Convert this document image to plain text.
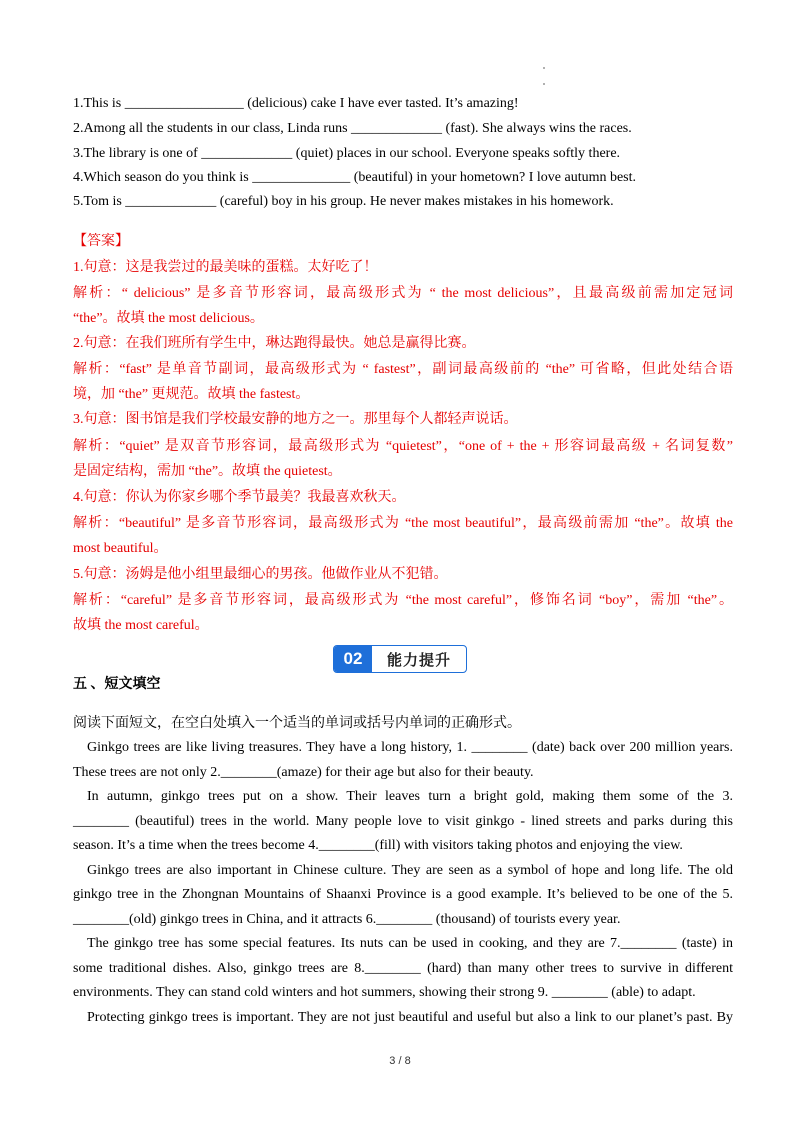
1.This is _________________ (delicious) cake I have ever tasted. It’s amazing!
2.Among all the students in our class, Linda runs _____________ (fast). She always wins the races.
3.The library is one of _____________ (quiet) places in our school. Everyone speaks softly there.
4.Which season do you think is ______________ (beautiful) in your hometown? I love autumn best.
5.Tom is _____________ (careful) boy in his group. He never makes mistakes in his homework.
【答案】
1.句意：这是我尝过的最美味的蛋糕。太好吃了！
解析：“ delicious” 是多音节形容词，最高级形式为 “ the most delicious”，且最高级前需加定冠词
“the”。故填 the most delicious。
2.句意：在我们班所有学生中，琳达跑得最快。她总是赢得比赛。
解析：“fast” 是单音节副词，最高级形式为 “ fastest”，副词最高级前的 “the” 可省略，但此处结合语
境，加 “the” 更规范。故填 the fastest。
3.句意：图书馆是我们学校最安静的地方之一。那里每个人都轻声说话。
解析：“quiet” 是双音节形容词，最高级形式为 “quietest”，“one of + the + 形容词最高级 + 名词复数”
是固定结构，需加 “the”。故填 the quietest。
4.句意：你认为你家乡哪个季节最美？我最喜欢秋天。
解析：“beautiful” 是多音节形容词，最高级形式为 “the most beautiful”，最高级前需加 “the”。故填 the
most beautiful。
5.句意：汤姆是他小组里最细心的男孩。他做作业从不犯错。
解析：“careful” 是多音节形容词，最高级形式为 “the most careful”，修饰名词 “boy”，需加 “the”。
故填 the most careful。
02	能力提升
五 、短文填空
阅读下面短文，在空白处填入一个适当的单词或括号内单词的正确形式。
Ginkgo trees are like living treasures. They have a long history, 1. ________ (date) back over 200 million years.
These trees are not only 2.________(amaze) for their age but also for their beauty.
In autumn, ginkgo trees put on a show. Their leaves turn a bright gold, making them some of the 3.
________ (beautiful) trees in the world. Many people love to visit ginkgo - lined streets and parks during this
season. It’s a time when the trees become 4.________(fill) with visitors taking photos and enjoying the view.
Ginkgo trees are also important in Chinese culture. They are seen as a symbol of hope and long life. The old
ginkgo tree in the Zhongnan Mountains of Shaanxi Province is a good example. It’s believed to be one of the 5.
________(old) ginkgo trees in China, and it attracts 6.________ (thousand) of tourists every year.
The ginkgo tree has some special features. Its nuts can be used in cooking, and they are 7.________ (taste) in
some traditional dishes. Also, ginkgo trees are 8.________ (hard) than many other trees to survive in different
environments. They can stand cold winters and hot summers, showing their strong 9. ________ (able) to adapt.
Protecting ginkgo trees is important. They are not just beautiful and useful but also a link to our planet’s past. By
3 / 8
